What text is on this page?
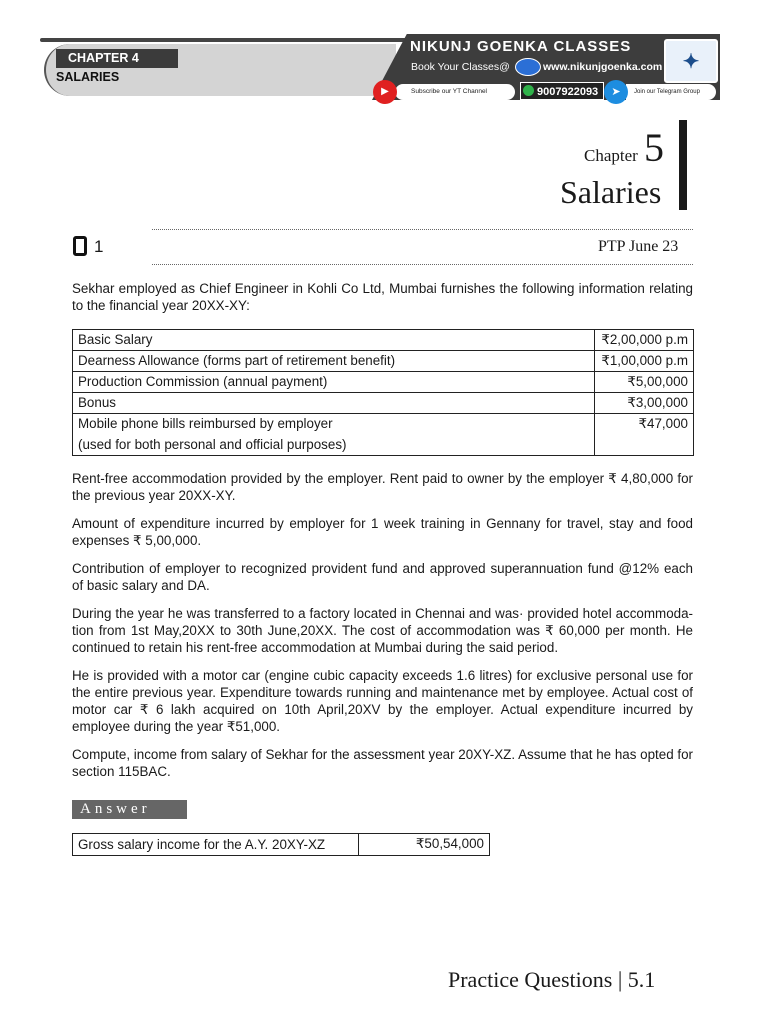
CHAPTER 4
SALARIES
NIKUNJ GOENKA CLASSES
Book Your Classes@	www.nikunjgoenka.com	✦
Subscribe our YT Channel
▶	9007922093	Join our Telegram Group
➤
NIKUNJ GOENKA TAX MENTOR
NIKUNJ GOENKA - TAX UPDATES
Chapter 5
Salaries
1	PTP June 23

Sekhar employed as Chief Engineer in Kohli Co Ltd, Mumbai furnishes the following information relating to the financial year 20XX-XY:

Basic Salary	₹2,00,000 p.m
Dearness Allowance (forms part of retirement benefit)	₹1,00,000 p.m
Production Commission (annual payment)	₹5,00,000
Bonus	₹3,00,000

Mobile phone bills reimbursed by employer
(used for both personal and official purposes)	₹47,000

Rent-free accommodation provided by the employer. Rent paid to owner by the employer ₹ 4,80,000 for the previous year 20XX-XY.

Amount of expenditure incurred by employer for 1 week training in Gennany for travel, stay and food expenses ₹ 5,00,000.

Contribution of employer to recognized provident fund and approved superannuation fund @12% each of basic salary and DA.

During the year he was transferred to a factory located in Chennai and was· provided hotel accommoda-tion from 1st May,20XX to 30th June,20XX. The cost of accommodation was ₹ 60,000 per month. He continued to retain his rent-free accommodation at Mumbai during the said period.

He is provided with a motor car (engine cubic capacity exceeds 1.6 litres) for exclusive personal use for the entire previous year. Expenditure towards running and maintenance met by employee. Actual cost of motor car ₹ 6 lakh acquired on 10th April,20XV by the employer. Actual expenditure incurred by employee during the year ₹51,000.

Compute, income from salary of Sekhar for the assessment year 20XY-XZ. Assume that he has opted for section 115BAC.

Answer
Gross salary income for the A.Y. 20XY-XZ	₹50,54,000
Practice Questions | 5.1
